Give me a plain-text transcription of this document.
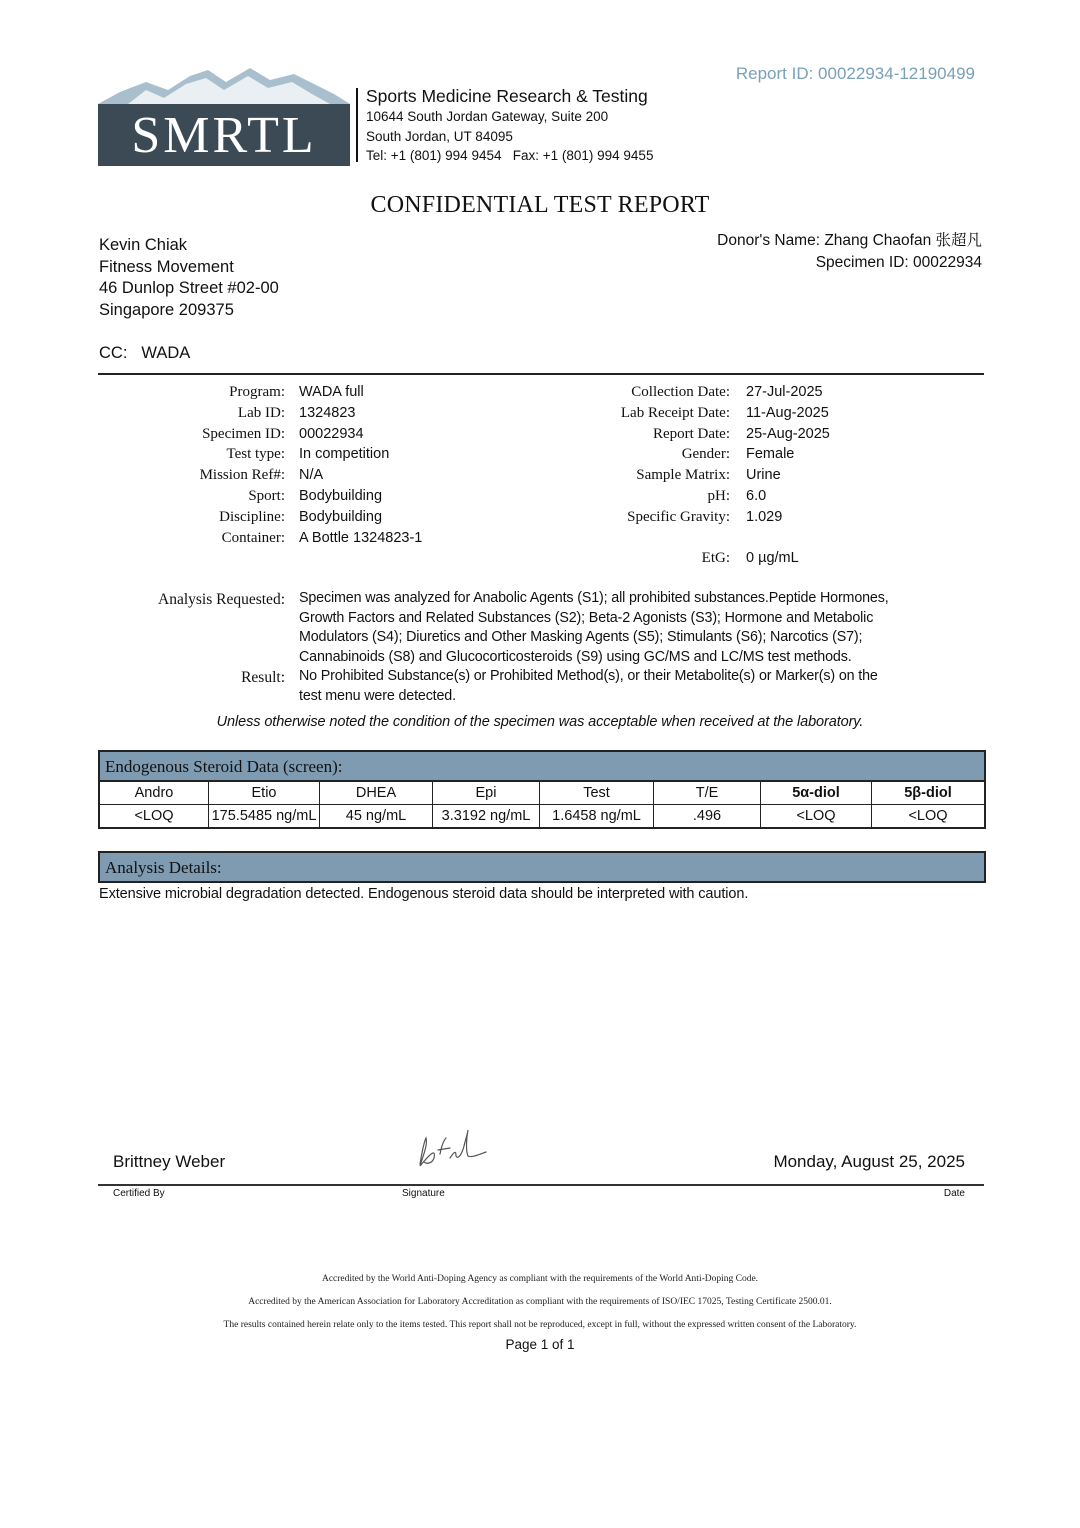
SMRTL
Sports Medicine Research & Testing
10644 South Jordan Gateway, Suite 200
South Jordan, UT 84095
Tel: +1 (801) 994 9454   Fax: +1 (801) 994 9455
Report ID: 00022934-12190499
CONFIDENTIAL TEST REPORT
Kevin Chiak
Fitness Movement
46 Dunlop Street #02-00
Singapore 209375
Donor's Name: Zhang Chaofan 张超凡
Specimen ID: 00022934
CC: WADA
Program: WADA full
Lab ID: 1324823
Specimen ID: 00022934
Test type: In competition
Mission Ref#: N/A
Sport: Bodybuilding
Discipline: Bodybuilding
Container: A Bottle 1324823-1
Collection Date: 27-Jul-2025
Lab Receipt Date: 11-Aug-2025
Report Date: 25-Aug-2025
Gender: Female
Sample Matrix: Urine
pH: 6.0
Specific Gravity: 1.029
EtG: 0 µg/mL
Analysis Requested: Specimen was analyzed for Anabolic Agents (S1); all prohibited substances.Peptide Hormones,
Growth Factors and Related Substances (S2); Beta-2 Agonists (S3); Hormone and Metabolic
Modulators (S4); Diuretics and Other Masking Agents (S5); Stimulants (S6); Narcotics (S7);
Cannabinoids (S8) and Glucocorticosteroids (S9) using GC/MS and LC/MS test methods.
Result: No Prohibited Substance(s) or Prohibited Method(s), or their Metabolite(s) or Marker(s) on the
test menu were detected.
Unless otherwise noted the condition of the specimen was acceptable when received at the laboratory.
Endogenous Steroid Data (screen):
Andro	Etio	DHEA	Epi	Test	T/E	5α-diol	5β-diol
<LOQ	175.5485 ng/mL	45 ng/mL	3.3192 ng/mL	1.6458 ng/mL	.496	<LOQ	<LOQ
Analysis Details:
Extensive microbial degradation detected. Endogenous steroid data should be interpreted with caution.
Brittney Weber	Monday, August 25, 2025
Certified By	Signature	Date
Accredited by the World Anti-Doping Agency as compliant with the requirements of the World Anti-Doping Code.
Accredited by the American Association for Laboratory Accreditation as compliant with the requirements of ISO/IEC 17025, Testing Certificate 2500.01.
The results contained herein relate only to the items tested. This report shall not be reproduced, except in full, without the expressed written consent of the Laboratory.
Page 1 of 1
